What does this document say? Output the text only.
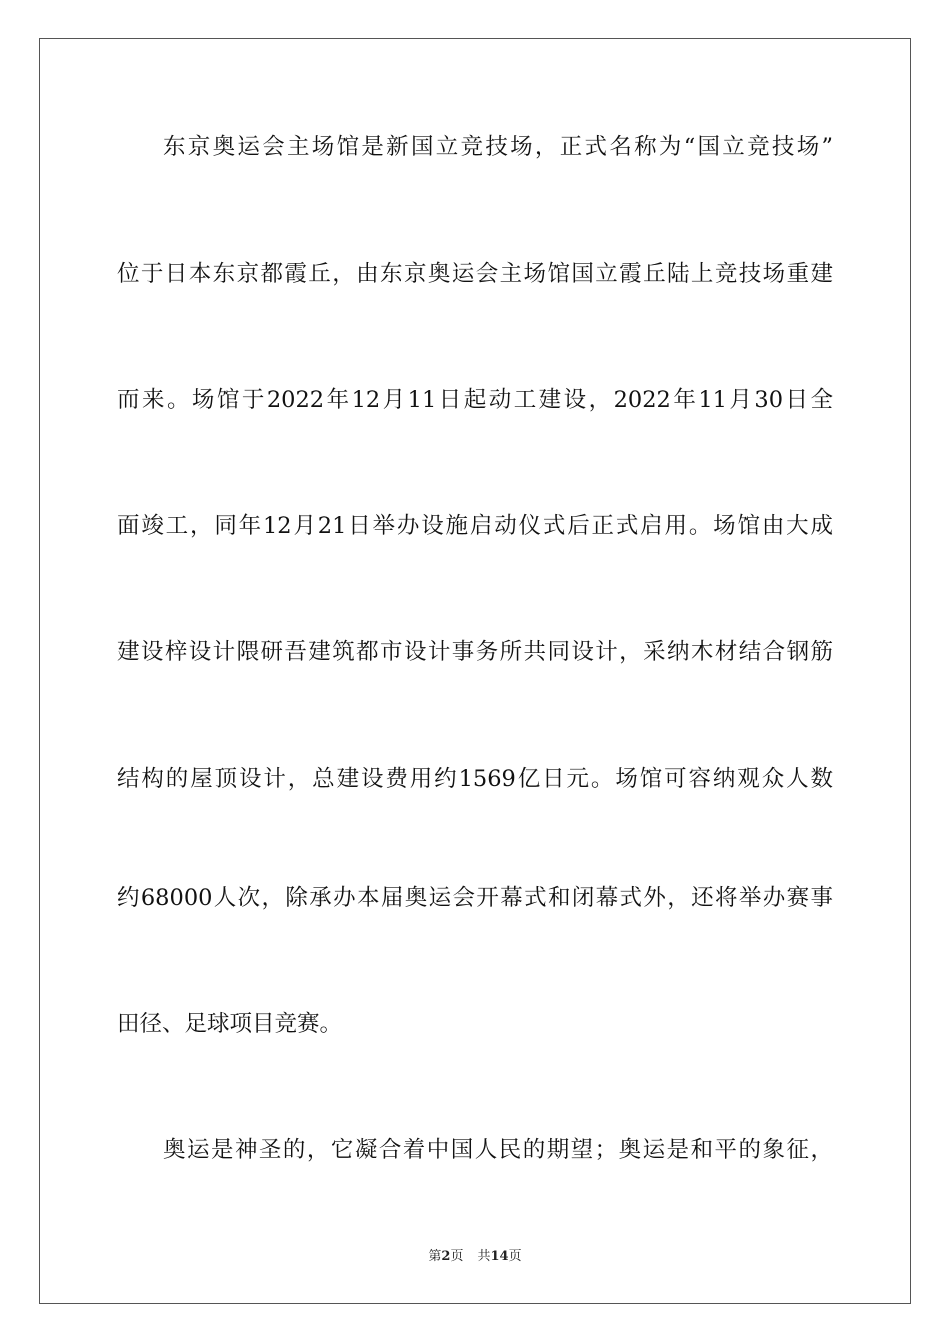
东京奥运会主场馆是新国立竞技场，正式名称为“国立竞技场”
位于日本东京都霞丘，由东京奥运会主场馆国立霞丘陆上竞技场重建
而来。场馆于2022年12月11日起动工建设，2022年11月30日全
面竣工，同年12月21日举办设施启动仪式后正式启用。场馆由大成
建设梓设计隈研吾建筑都市设计事务所共同设计，采纳木材结合钢筋
结构的屋顶设计，总建设费用约1569亿日元。场馆可容纳观众人数
约68000人次，除承办本届奥运会开幕式和闭幕式外，还将举办赛事
田径、足球项目竞赛。
奥运是神圣的，它凝合着中国人民的期望；奥运是和平的象征，
第2页 共14页
